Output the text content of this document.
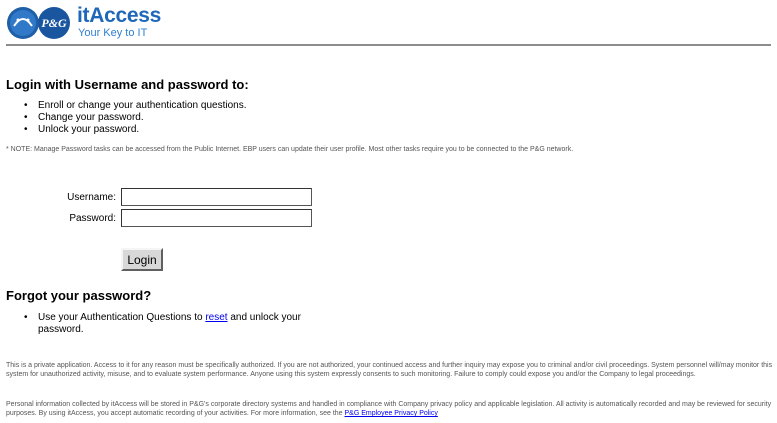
P&G itAccess
Your Key to IT
Login with Username and password to:
• Enroll or change your authentication questions.
• Change your password.
• Unlock your password.
* NOTE: Manage Password tasks can be accessed from the Public Internet. EBP users can update their user profile. Most other tasks require you to be connected to the P&G network.
Username:
Password:
Login
Forgot your password?
• Use your Authentication Questions to reset and unlock your password.
This is a private application. Access to it for any reason must be specifically authorized. If you are not authorized, your continued access and further inquiry may expose you to criminal and/or civil proceedings. System personnel will/may monitor this system for unauthorized activity, misuse, and to evaluate system performance. Anyone using this system expressly consents to such monitoring. Failure to comply could expose you and/or the Company to legal proceedings.
Personal information collected by itAccess will be stored in P&G's corporate directory systems and handled in compliance with Company privacy policy and applicable legislation. All activity is automatically recorded and may be reviewed for security purposes. By using itAccess, you accept automatic recording of your activities. For more information, see the P&G Employee Privacy Policy
